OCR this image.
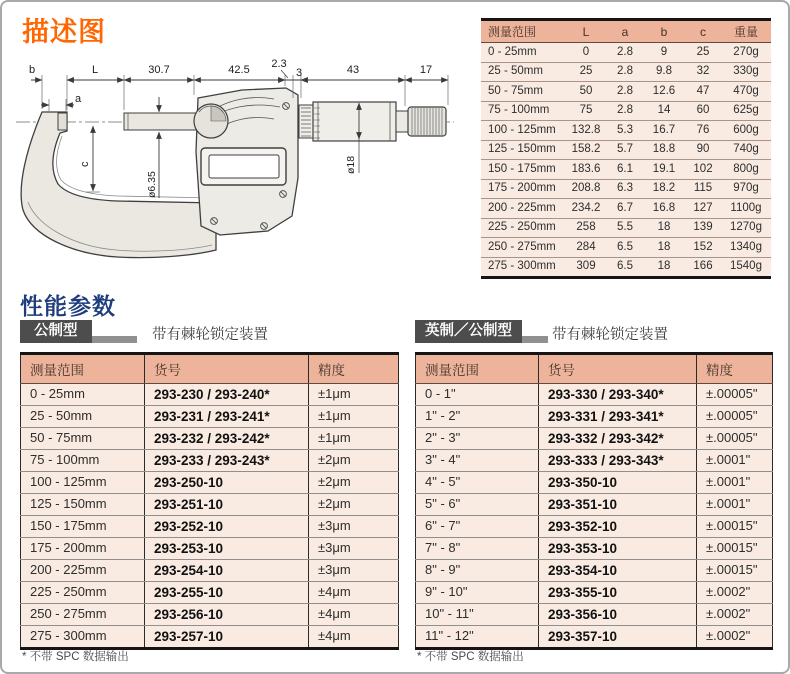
描述图
b	L	30.7	42.5 2.3
3	43	17
a
c
ø6.35
ø18
测量范围	L	a	b	c	重量
0 - 25mm	0	2.8	9	25	270g
25 - 50mm	25	2.8	9.8	32	330g
50 - 75mm	50	2.8	12.6	47	470g
75 - 100mm	75	2.8	14	60	625g
100 - 125mm	132.8	5.3	16.7	76	600g
125 - 150mm	158.2	5.7	18.8	90	740g
150 - 175mm	183.6	6.1	19.1	102	800g
175 - 200mm	208.8	6.3	18.2	115	970g
200 - 225mm	234.2	6.7	16.8	127	1100g
225 - 250mm	258	5.5	18	139	1270g
250 - 275mm	284	6.5	18	152	1340g
275 - 300mm	309	6.5	18	166	1540g
性能参数
公制型	带有棘轮锁定装置
测量范围	货号	精度
0 - 25mm	293-230 / 293-240*	±1μm
25 - 50mm	293-231 / 293-241*	±1μm
50 - 75mm	293-232 / 293-242*	±1μm
75 - 100mm	293-233 / 293-243*	±2μm
100 - 125mm	293-250-10	±2μm
125 - 150mm	293-251-10	±2μm
150 - 175mm	293-252-10	±3μm
175 - 200mm	293-253-10	±3μm
200 - 225mm	293-254-10	±3μm
225 - 250mm	293-255-10	±4μm
250 - 275mm	293-256-10	±4μm
275 - 300mm	293-257-10	±4μm
* 不带 SPC 数据输出
英制／公制型	带有棘轮锁定装置
测量范围	货号	精度
0 - 1"	293-330 / 293-340*	±.00005"
1" - 2"	293-331 / 293-341*	±.00005"
2" - 3"	293-332 / 293-342*	±.00005"
3" - 4"	293-333 / 293-343*	±.0001"
4" - 5"	293-350-10	±.0001"
5" - 6"	293-351-10	±.0001"
6" - 7"	293-352-10	±.00015"
7" - 8"	293-353-10	±.00015"
8" - 9"	293-354-10	±.00015"
9" - 10"	293-355-10	±.0002"
10" - 11"	293-356-10	±.0002"
11" - 12"	293-357-10	±.0002"
* 不带 SPC 数据输出
